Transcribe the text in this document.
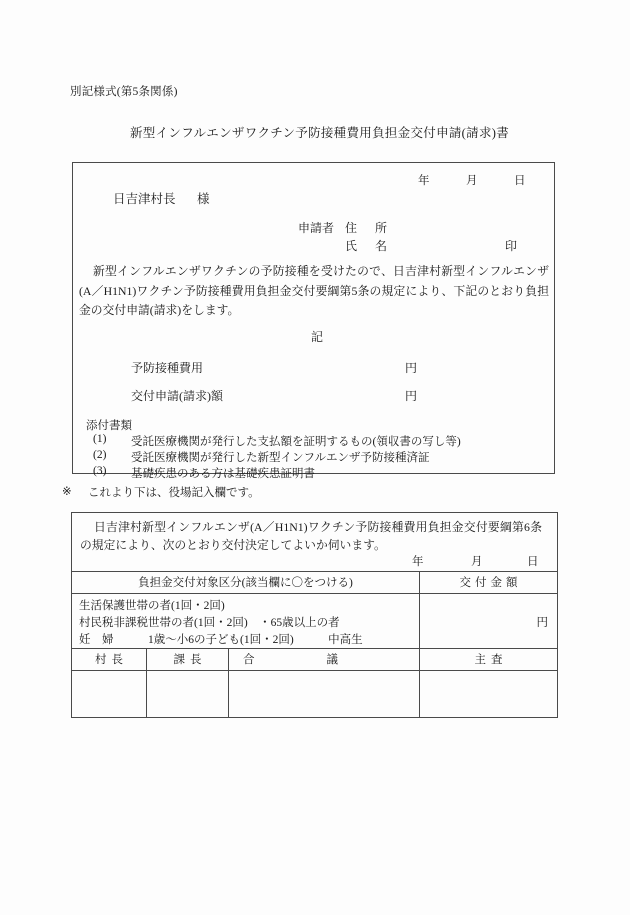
別記様式(第5条関係)
新型インフルエンザワクチン予防接種費用負担金交付申請(請求)書
年	月	日
日吉津村長 様
申請者 住　所
氏　名	印
新型インフルエンザワクチンの予防接種を受けたので、日吉津村新型インフルエンザ(A／H1N1)ワクチン予防接種費用負担金交付要綱第5条の規定により、下記のとおり負担金の交付申請(請求)をします。
記
予防接種費用	円
交付申請(請求)額	円
添付書類
(1) 受託医療機関が発行した支払額を証明するもの(領収書の写し等)
(2) 受託医療機関が発行した新型インフルエンザ予防接種済証
(3) 基礎疾患のある方は基礎疾患証明書
※ これより下は、役場記入欄です。
日吉津村新型インフルエンザ(A／H1N1)ワクチン予防接種費用負担金交付要綱第6条の規定により、次のとおり交付決定してよいか伺います。
年 月 日			

負担金交付対象区分(該当欄に〇をつける)			交付金額

生活保護世帯の者(1回・2回)
村民税非課税世帯の者(1回・2回)　・65歳以上の者
妊　婦　　　1歳〜小6の子ども(1回・2回)　　　中高生			円

村長	課長	合議	主査
